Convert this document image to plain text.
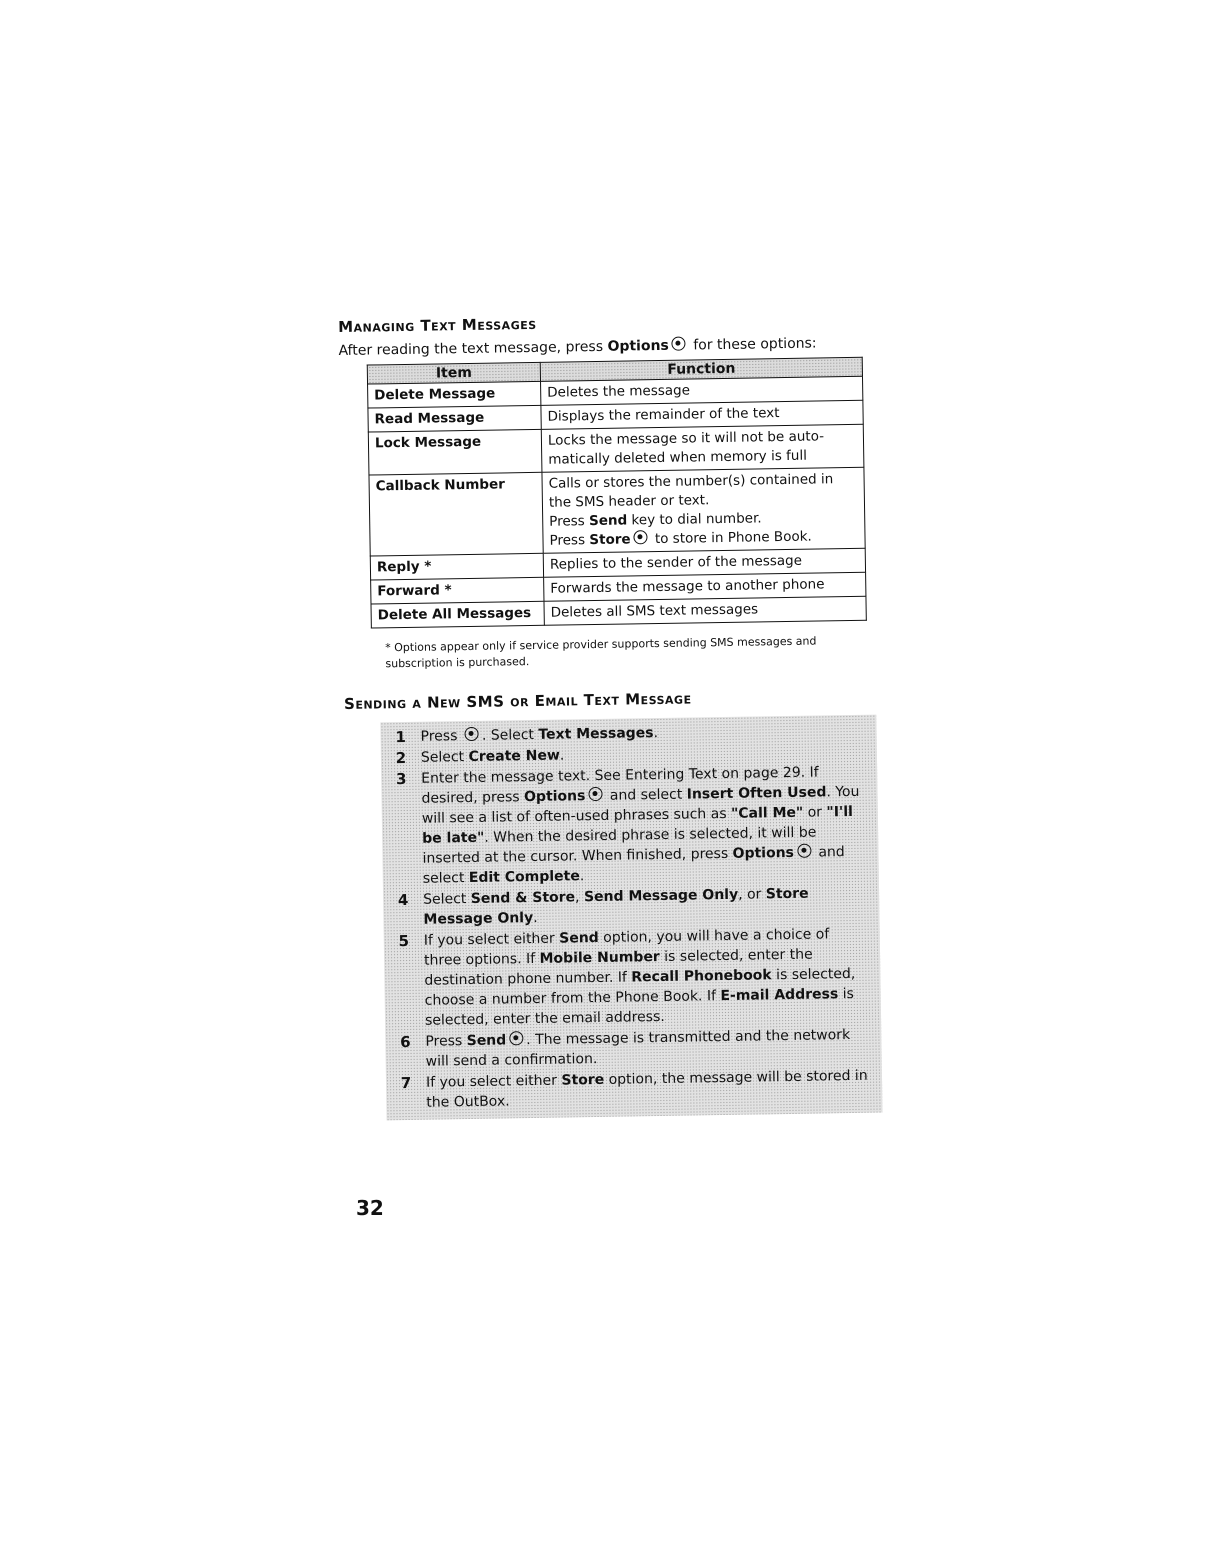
Managing Text Messages

After reading the text message, press Options for these options:

Item	Function
Delete Message	Deletes the message

Read Message	Displays the remainder of the text

Lock Message	Locks the message so it will not be auto-
matically deleted when memory is full

Callback Number	Calls or stores the number(s) contained in
the SMS header or text.
Press Send key to dial number.
Press Store to store in Phone Book.

Reply *	Replies to the sender of the message

Forward *	Forwards the message to another phone

Delete All Messages	Deletes all SMS text messages
* Options appear only if service provider supports sending SMS messages and subscription is purchased.
Sending a New SMS or Email Text Message
1	Press . Select Text Messages.
2	Select Create New.
3	Enter the message text. See Entering Text on page 29. If desired, press Options and select Insert Often Used. You will see a list of often-used phrases such as "Call Me" or "I'll be late". When the desired phrase is selected, it will be inserted at the cursor. When finished, press Options and select Edit Complete.
4	Select Send & Store, Send Message Only, or Store Message Only.
5	If you select either Send option, you will have a choice of three options. If Mobile Number is selected, enter the destination phone number. If Recall Phonebook is selected, choose a number from the Phone Book. If E-mail Address is selected, enter the email address.
6	Press Send . The message is transmitted and the network will send a confirmation.
7	If you select either Store option, the message will be stored in the OutBox.
32
